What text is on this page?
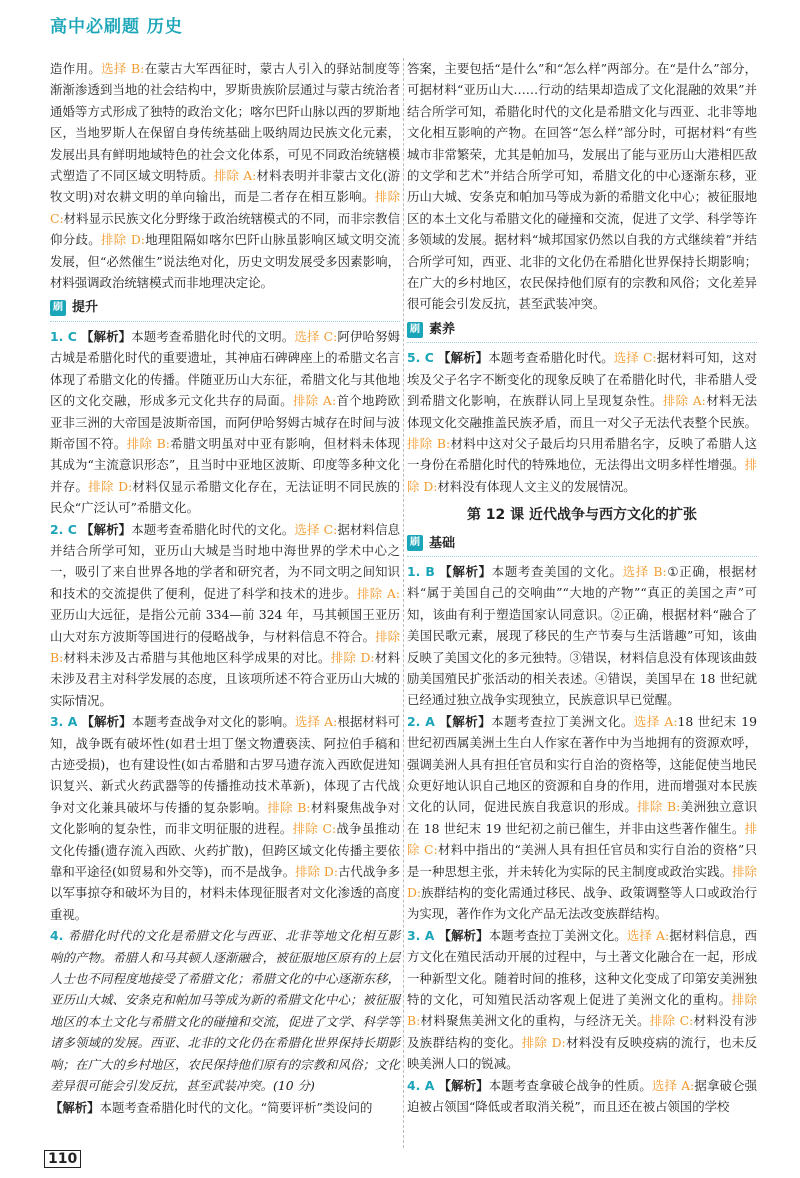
高中必刷题 历史

造作用。选择 B:在蒙古大军西征时，蒙古人引入的驿站制度等渐渐渗透到当地的社会结构中，罗斯贵族阶层通过与蒙古统治者通婚等方式形成了独特的政治文化；喀尔巴阡山脉以西的罗斯地区，当地罗斯人在保留自身传统基础上吸纳周边民族文化元素，发展出具有鲜明地域特色的社会文化体系，可见不同政治统辖模式塑造了不同区域文明特质。排除 A:材料表明并非蒙古文化(游牧文明)对农耕文明的单向输出，而是二者存在相互影响。排除 C:材料显示民族文化分野缘于政治统辖模式的不同，而非宗教信仰分歧。排除 D:地理阻隔如喀尔巴阡山脉虽影响区域文明交流发展，但“必然催生”说法绝对化，历史文明发展受多因素影响，材料强调政治统辖模式而非地理决定论。

刷 提升

1. C 【解析】本题考查希腊化时代的文明。选择 C:阿伊哈努姆古城是希腊化时代的重要遗址，其神庙石碑碑座上的希腊文名言体现了希腊文化的传播。伴随亚历山大东征，希腊文化与其他地区的文化交融，形成多元文化共存的局面。排除 A:首个地跨欧亚非三洲的大帝国是波斯帝国，而阿伊哈努姆古城存在时间与波斯帝国不符。排除 B:希腊文明虽对中亚有影响，但材料未体现其成为“主流意识形态”，且当时中亚地区波斯、印度等多种文化并存。排除 D:材料仅显示希腊文化存在，无法证明不同民族的民众“广泛认可”希腊文化。

2. C 【解析】本题考查希腊化时代的文化。选择 C:据材料信息并结合所学可知，亚历山大城是当时地中海世界的学术中心之一，吸引了来自世界各地的学者和研究者，为不同文明之间知识和技术的交流提供了便利，促进了科学和技术的进步。排除 A:亚历山大远征，是指公元前 334—前 324 年，马其顿国王亚历山大对东方波斯等国进行的侵略战争，与材料信息不符合。排除 B:材料未涉及古希腊与其他地区科学成果的对比。排除 D:材料未涉及君主对科学发展的态度，且该项所述不符合亚历山大城的实际情况。

3. A 【解析】本题考查战争对文化的影响。选择 A:根据材料可知，战争既有破坏性(如君士坦丁堡文物遭亵渎、阿拉伯手稿和古迹受损)，也有建设性(如古希腊和古罗马遗存流入西欧促进知识复兴、新式火药武器等的传播推动技术革新)，体现了古代战争对文化兼具破坏与传播的复杂影响。排除 B:材料聚焦战争对文化影响的复杂性，而非文明征服的进程。排除 C:战争虽推动文化传播(遗存流入西欧、火药扩散)，但跨区域文化传播主要依靠和平途径(如贸易和外交等)，而不是战争。排除 D:古代战争多以军事掠夺和破坏为目的，材料未体现征服者对文化渗透的高度重视。

4. 希腊化时代的文化是希腊文化与西亚、北非等地文化相互影响的产物。希腊人和马其顿人逐渐融合，被征服地区原有的上层人士也不同程度地接受了希腊文化；希腊文化的中心逐渐东移，亚历山大城、安条克和帕加马等成为新的希腊文化中心；被征服地区的本土文化与希腊文化的碰撞和交流，促进了文学、科学等诸多领域的发展。西亚、北非的文化仍在希腊化世界保持长期影响；在广大的乡村地区，农民保持他们原有的宗教和风俗；文化差异很可能会引发反抗，甚至武装冲突。(10 分)

【解析】本题考查希腊化时代的文化。“简要评析”类设问的

答案，主要包括“是什么”和“怎么样”两部分。在“是什么”部分，可据材料“亚历山大……行动的结果却造成了文化混融的效果”并结合所学可知，希腊化时代的文化是希腊文化与西亚、北非等地文化相互影响的产物。在回答“怎么样”部分时，可据材料“有些城市非常繁荣，尤其是帕加马，发展出了能与亚历山大港相匹敌的文学和艺术”并结合所学可知，希腊文化的中心逐渐东移，亚历山大城、安条克和帕加马等成为新的希腊文化中心；被征服地区的本土文化与希腊文化的碰撞和交流，促进了文学、科学等许多领域的发展。据材料“城邦国家仍然以自我的方式继续着”并结合所学可知，西亚、北非的文化仍在希腊化世界保持长期影响；在广大的乡村地区，农民保持他们原有的宗教和风俗；文化差异很可能会引发反抗，甚至武装冲突。

刷 素养

5. C 【解析】本题考查希腊化时代。选择 C:据材料可知，这对埃及父子名字不断变化的现象反映了在希腊化时代，非希腊人受到希腊文化影响，在族群认同上呈现复杂性。排除 A:材料无法体现文化交融推盖民族矛盾，而且一对父子无法代表整个民族。排除 B:材料中这对父子最后均只用希腊名字，反映了希腊人这一身份在希腊化时代的特殊地位，无法得出文明多样性增强。排除 D:材料没有体现人文主义的发展情况。

第 12 课 近代战争与西方文化的扩张
刷 基础

1. B 【解析】本题考查美国的文化。选择 B:①正确，根据材料“属于美国自己的交响曲”“大地的产物”“真正的美国之声”可知，该曲有利于塑造国家认同意识。②正确，根据材料“融合了美国民歌元素，展现了移民的生产节奏与生活谐趣”可知，该曲反映了美国文化的多元独特。③错误，材料信息没有体现该曲鼓励美国殖民扩张活动的相关表述。④错误，美国早在 18 世纪就已经通过独立战争实现独立，民族意识早已觉醒。

2. A 【解析】本题考查拉丁美洲文化。选择 A:18 世纪末 19 世纪初西属美洲土生白人作家在著作中为当地拥有的资源欢呼，强调美洲人具有担任官员和实行自治的资格等，这能促使当地民众更好地认识自己地区的资源和自身的作用，进而增强对本民族文化的认同，促进民族自我意识的形成。排除 B:美洲独立意识在 18 世纪末 19 世纪初之前已催生，并非由这些著作催生。排除 C:材料中指出的“美洲人具有担任官员和实行自治的资格”只是一种思想主张，并未转化为实际的民主制度或政治实践。排除 D:族群结构的变化需通过移民、战争、政策调整等人口或政治行为实现，著作作为文化产品无法改变族群结构。

3. A 【解析】本题考查拉丁美洲文化。选择 A:据材料信息，西方文化在殖民活动开展的过程中，与土著文化融合在一起，形成一种新型文化。随着时间的推移，这种文化变成了印第安美洲独特的文化，可知殖民活动客观上促进了美洲文化的重构。排除 B:材料聚焦美洲文化的重构，与经济无关。排除 C:材料没有涉及族群结构的变化。排除 D:材料没有反映疫病的流行，也未反映美洲人口的锐减。

4. A 【解析】本题考查拿破仑战争的性质。选择 A:据拿破仑强迫被占领国“降低或者取消关税”，而且还在被占领国的学校

110
